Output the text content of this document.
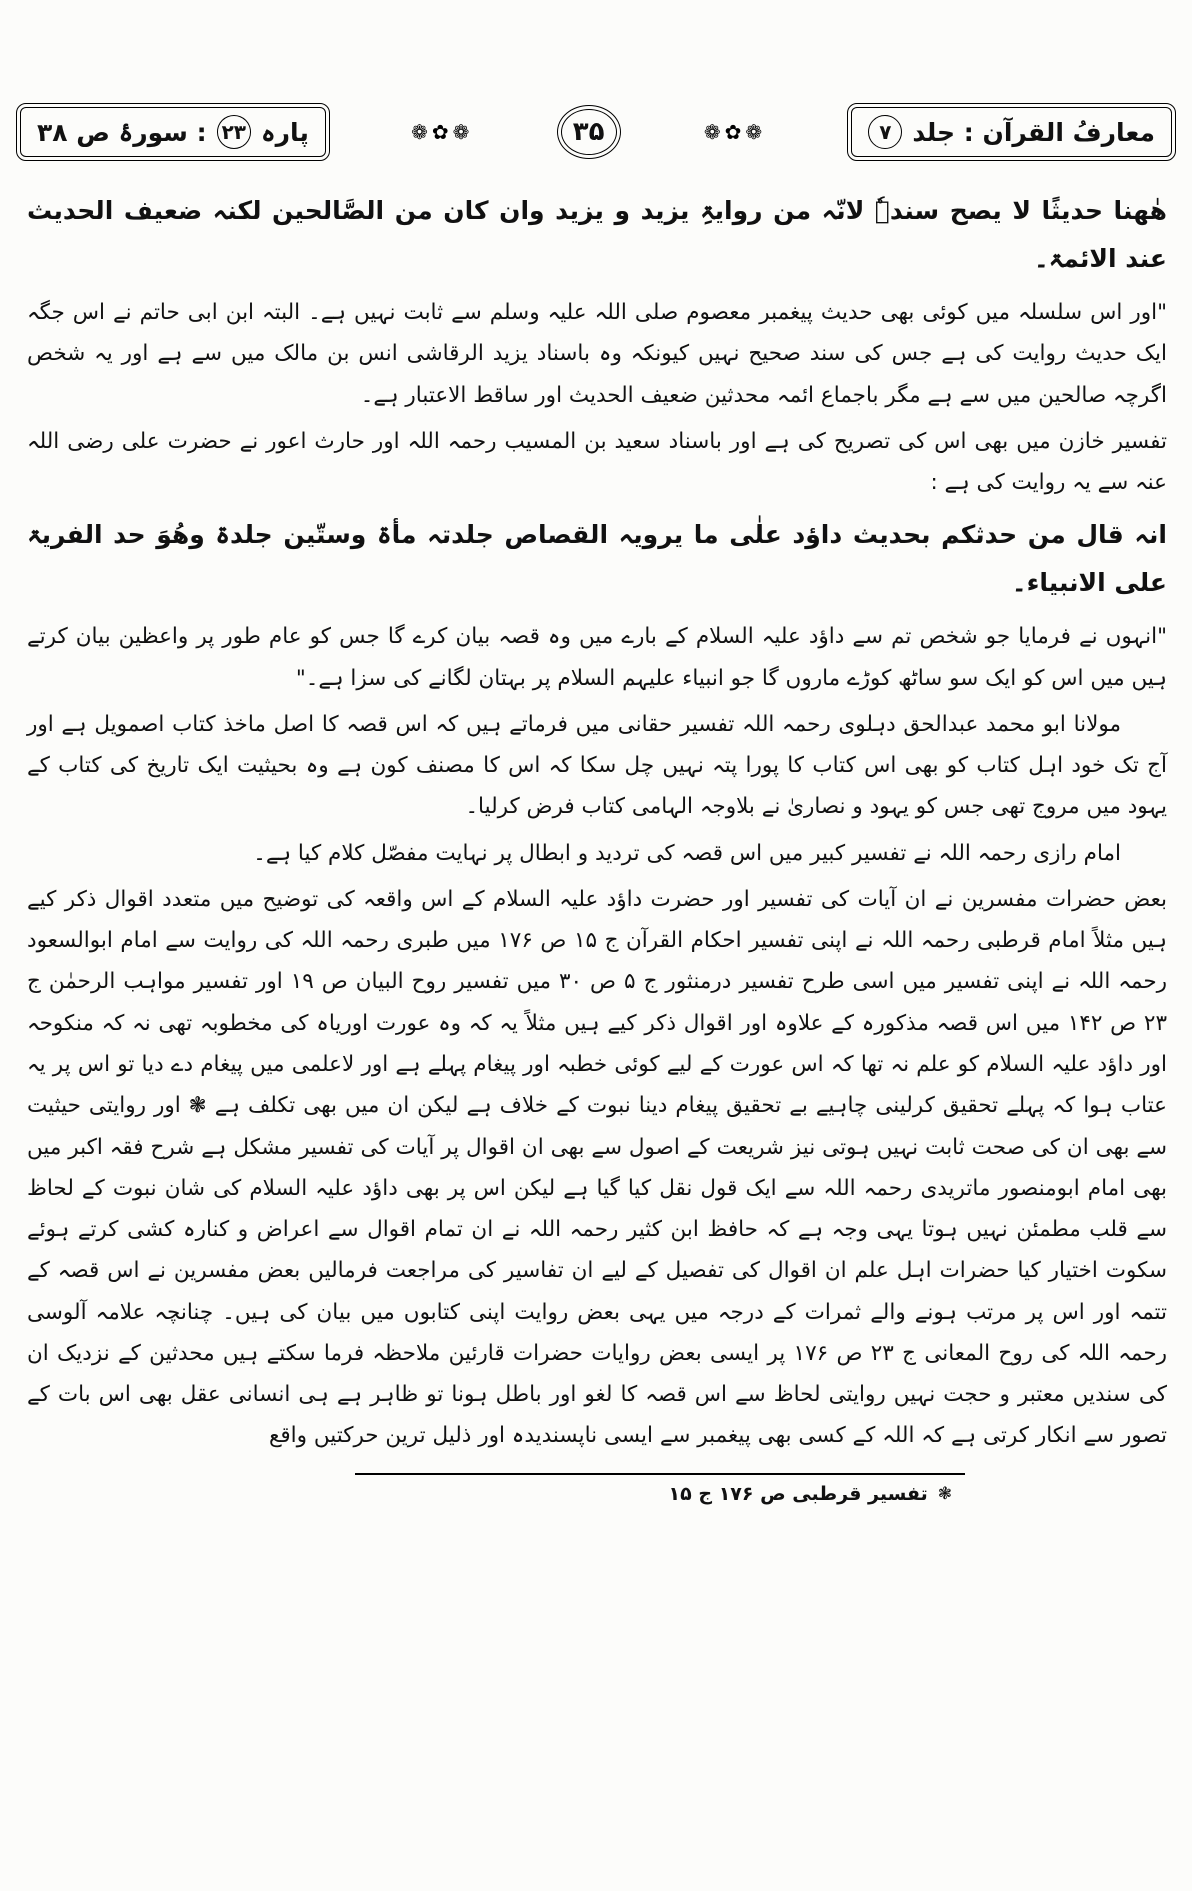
معارفُ القرآن : جلد
۷
❁✿❁
۳۵
❁✿❁
پارہ
۲۳
: سورۂ ص ۳۸

ھٰھنا حدیثًا لا یصح سندہٗ لانّہ من روایۃِ یزید و یزید وان کان من الصَّالحین لکنہ ضعیف الحدیث عند الائمۃ۔

"اور اس سلسلہ میں کوئی بھی حدیث پیغمبر معصوم صلی اللہ علیہ وسلم سے ثابت نہیں ہے۔ البتہ ابن ابی حاتم نے اس جگہ ایک حدیث روایت کی ہے جس کی سند صحیح نہیں کیونکہ وہ باسناد یزید الرقاشی انس بن مالک میں سے ہے اور یہ شخص اگرچہ صالحین میں سے ہے مگر باجماع ائمہ محدثین ضعیف الحدیث اور ساقط الاعتبار ہے۔

تفسیر خازن میں بھی اس کی تصریح کی ہے اور باسناد سعید بن المسیب رحمہ اللہ اور حارث اعور نے حضرت علی رضی اللہ عنہ سے یہ روایت کی ہے :

انہ قال من حدثکم بحدیث داؤد علٰی ما یرویہ القصاص جلدتہ مأۃ وستّین جلدۃ وھُوَ حد الفریۃ علی الانبیاء۔

"انہوں نے فرمایا جو شخص تم سے داؤد علیہ السلام کے بارے میں وہ قصہ بیان کرے گا جس کو عام طور پر واعظین بیان کرتے ہیں میں اس کو ایک سو ساٹھ کوڑے ماروں گا جو انبیاء علیہم السلام پر بہتان لگانے کی سزا ہے۔"

مولانا ابو محمد عبدالحق دہلوی رحمہ اللہ تفسیر حقانی میں فرماتے ہیں کہ اس قصہ کا اصل ماخذ کتاب اصمویل ہے اور آج تک خود اہل کتاب کو بھی اس کتاب کا پورا پتہ نہیں چل سکا کہ اس کا مصنف کون ہے وہ بحیثیت ایک تاریخ کی کتاب کے یہود میں مروج تھی جس کو یہود و نصاریٰ نے بلاوجہ الہامی کتاب فرض کرلیا۔

امام رازی رحمہ اللہ نے تفسیر کبیر میں اس قصہ کی تردید و ابطال پر نہایت مفصّل کلام کیا ہے۔

بعض حضرات مفسرین نے ان آیات کی تفسیر اور حضرت داؤد علیہ السلام کے اس واقعہ کی توضیح میں متعدد اقوال ذکر کیے ہیں مثلاً امام قرطبی رحمہ اللہ نے اپنی تفسیر احکام القرآن ج ۱۵ ص ۱۷۶ میں طبری رحمہ اللہ کی روایت سے امام ابوالسعود رحمہ اللہ نے اپنی تفسیر میں اسی طرح تفسیر درمنثور ج ۵ ص ۳۰ میں تفسیر روح البیان ص ۱۹ اور تفسیر مواہب الرحمٰن ج ۲۳ ص ۱۴۲ میں اس قصہ مذکورہ کے علاوہ اور اقوال ذکر کیے ہیں مثلاً یہ کہ وہ عورت اوریاہ کی مخطوبہ تھی نہ کہ منکوحہ اور داؤد علیہ السلام کو علم نہ تھا کہ اس عورت کے لیے کوئی خطبہ اور پیغام پہلے ہے اور لاعلمی میں پیغام دے دیا تو اس پر یہ عتاب ہوا کہ پہلے تحقیق کرلینی چاہیے بے تحقیق پیغام دینا نبوت کے خلاف ہے لیکن ان میں بھی تکلف ہے ❃ اور روایتی حیثیت سے بھی ان کی صحت ثابت نہیں ہوتی نیز شریعت کے اصول سے بھی ان اقوال پر آیات کی تفسیر مشکل ہے شرح فقہ اکبر میں بھی امام ابومنصور ماتریدی رحمہ اللہ سے ایک قول نقل کیا گیا ہے لیکن اس پر بھی داؤد علیہ السلام کی شان نبوت کے لحاظ سے قلب مطمئن نہیں ہوتا یہی وجہ ہے کہ حافظ ابن کثیر رحمہ اللہ نے ان تمام اقوال سے اعراض و کنارہ کشی کرتے ہوئے سکوت اختیار کیا حضرات اہل علم ان اقوال کی تفصیل کے لیے ان تفاسیر کی مراجعت فرمالیں بعض مفسرین نے اس قصہ کے تتمہ اور اس پر مرتب ہونے والے ثمرات کے درجہ میں یہی بعض روایت اپنی کتابوں میں بیان کی ہیں۔ چنانچہ علامہ آلوسی رحمہ اللہ کی روح المعانی ج ۲۳ ص ۱۷۶ پر ایسی بعض روایات حضرات قارئین ملاحظہ فرما سکتے ہیں محدثین کے نزدیک ان کی سندیں معتبر و حجت نہیں روایتی لحاظ سے اس قصہ کا لغو اور باطل ہونا تو ظاہر ہے ہی انسانی عقل بھی اس بات کے تصور سے انکار کرتی ہے کہ اللہ کے کسی بھی پیغمبر سے ایسی ناپسندیدہ اور ذلیل ترین حرکتیں واقع

❃
تفسیر قرطبی ص ۱۷۶ ج ۱۵
